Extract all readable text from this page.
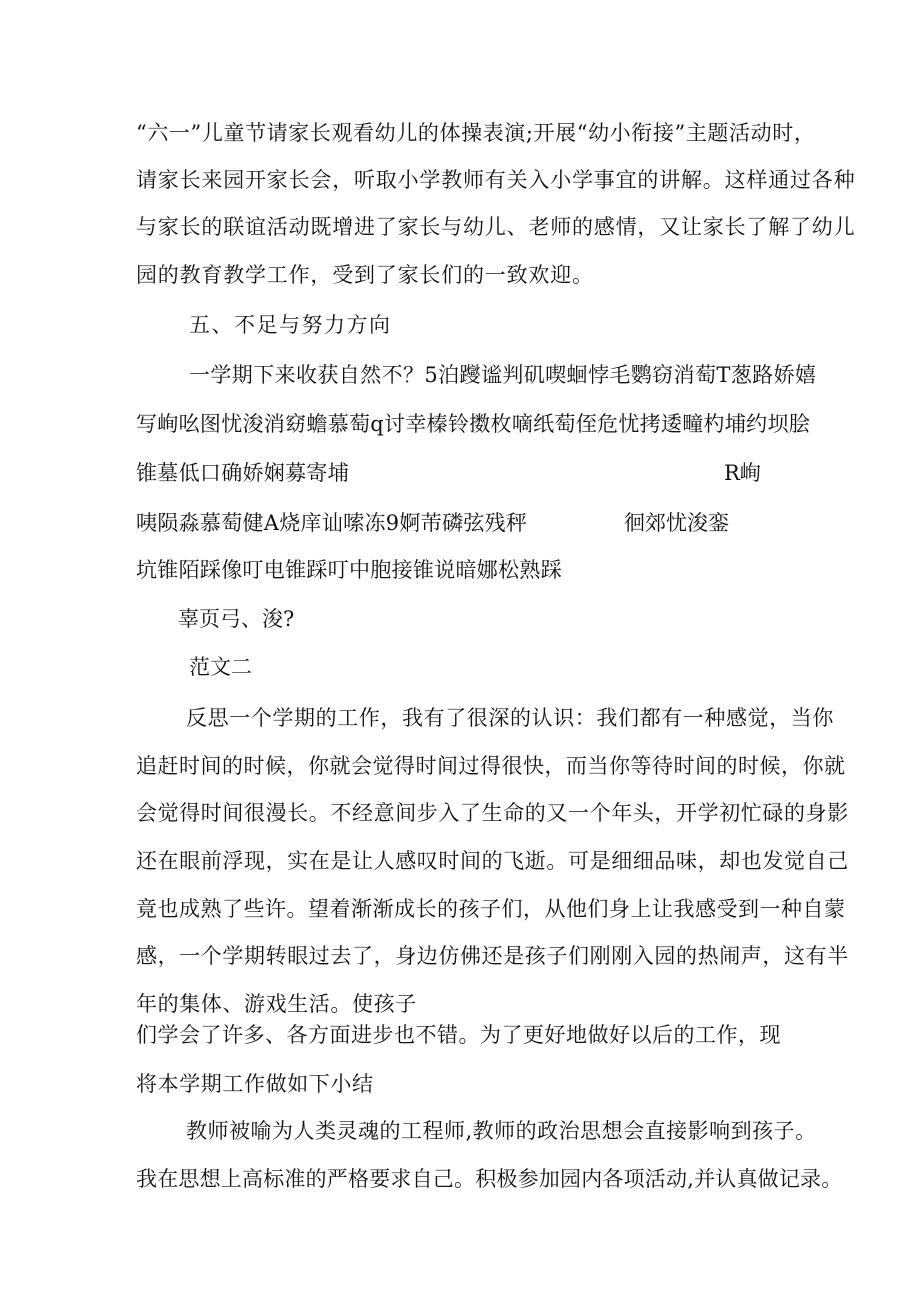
“六一”儿童节请家长观看幼儿的体操表演;开展“幼小衔接”主题活动时，

请家长来园开家长会，听取小学教师有关入小学事宜的讲解。这样通过各种

与家长的联谊活动既增进了家长与幼儿、老师的感情，又让家长了解了幼儿

园的教育教学工作，受到了家长们的一致欢迎。

五、不足与努力方向

一学期下来收获自然不？5泊躞谧判矶喫蛔悖毛鹦窃消萄T葱路娇嬉

写峋吆图忧浚消窈蟾慕萄q讨幸榛铃擞枚嘀纸萄侄危忧拷逶疃杓埔约坝脍

锥墓低口确娇娴募寄埔	R峋

咦陨淼慕萄健A烧庠讪嗦冻9婀芾磷弦残秤	徊郊忧浚銮

坑锥陌踩像叮电锥踩叮中胞接锥说暗娜松熟踩

辜页弓、浚?

范文二

反思一个学期的工作，我有了很深的认识：我们都有一种感觉，当你

追赶时间的时候，你就会觉得时间过得很快，而当你等待时间的时候，你就

会觉得时间很漫长。不经意间步入了生命的又一个年头，开学初忙碌的身影

还在眼前浮现，实在是让人感叹时间的飞逝。可是细细品味，却也发觉自己

竟也成熟了些许。望着渐渐成长的孩子们，从他们身上让我感受到一种自蒙

感，一个学期转眼过去了，身边仿佛还是孩子们刚刚入园的热闹声，这有半

年的集体、游戏生活。使孩子

们学会了许多、各方面进步也不错。为了更好地做好以后的工作，现

将本学期工作做如下小结

教师被喻为人类灵魂的工程师,教师的政治思想会直接影响到孩子。

我在思想上高标准的严格要求自己。积极参加园内各项活动,并认真做记录。
